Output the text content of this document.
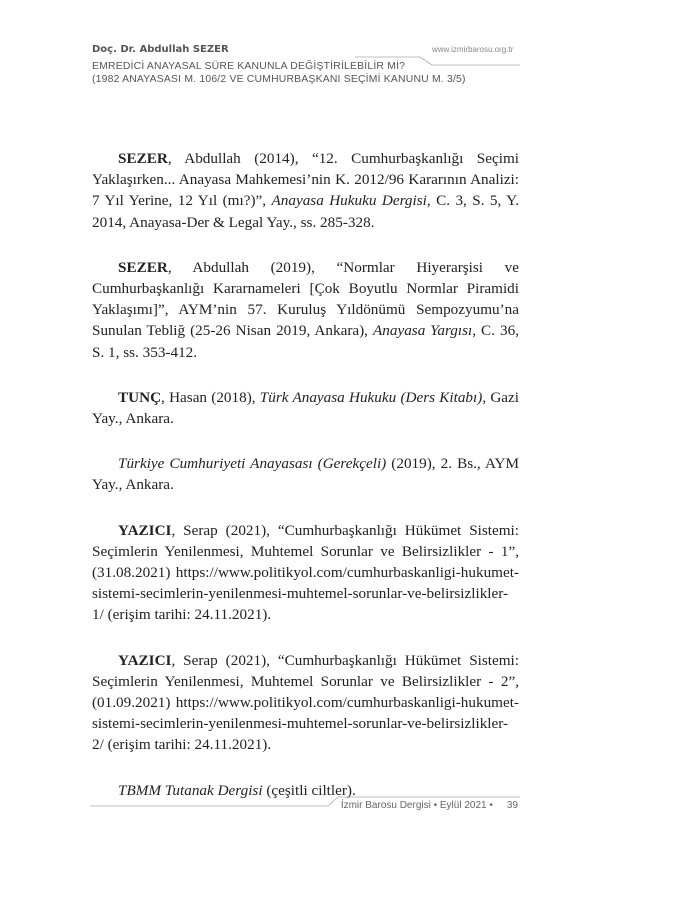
Doç. Dr. Abdullah SEZER
EMREDİCİ ANAYASAL SÜRE KANUNLA DEĞİŞTİRİLEBİLİR Mİ?
(1982 ANAYASASI M. 106/2 VE CUMHURBAŞKANI SEÇİMİ KANUNU M. 3/5)
www.izmirbarosu.org.tr

SEZER, Abdullah (2014), “12. Cumhurbaşkanlığı Seçimi Yaklaşırken... Anayasa Mahkemesi’nin K. 2012/96 Kararının Analizi: 7 Yıl Yerine, 12 Yıl (mı?)”, Anayasa Hukuku Dergisi, C. 3, S. 5, Y. 2014, Anayasa-Der & Legal Yay., ss. 285-328.

SEZER, Abdullah (2019), “Normlar Hiyerarşisi ve Cumhurbaşkanlığı Kararnameleri [Çok Boyutlu Normlar Piramidi Yaklaşımı]”, AYM’nin 57. Kuruluş Yıldönümü Sempozyumu’na Sunulan Tebliğ (25-26 Nisan 2019, Ankara), Anayasa Yargısı, C. 36, S. 1, ss. 353-412.

TUNÇ, Hasan (2018), Türk Anayasa Hukuku (Ders Kitabı), Gazi Yay., Ankara.

Türkiye Cumhuriyeti Anayasası (Gerekçeli) (2019), 2. Bs., AYM Yay., Ankara.

YAZICI, Serap (2021), “Cumhurbaşkanlığı Hükümet Sistemi: Seçimlerin Yenilenmesi, Muhtemel Sorunlar ve Belirsizlikler - 1”, (31.08.2021) https://www.politikyol.com/cumhurbaskanligi-hukumet-sistemi-secimlerin-yenilenmesi-muhtemel-sorunlar-ve-belirsizlikler-1/ (erişim tarihi: 24.11.2021).

YAZICI, Serap (2021), “Cumhurbaşkanlığı Hükümet Sistemi: Seçimlerin Yenilenmesi, Muhtemel Sorunlar ve Belirsizlikler - 2”, (01.09.2021) https://www.politikyol.com/cumhurbaskanligi-hukumet-sistemi-secimlerin-yenilenmesi-muhtemel-sorunlar-ve-belirsizlikler-2/ (erişim tarihi: 24.11.2021).

TBMM Tutanak Dergisi (çeşitli ciltler).

İzmir Barosu Dergisi • Eylül 2021 • 39
